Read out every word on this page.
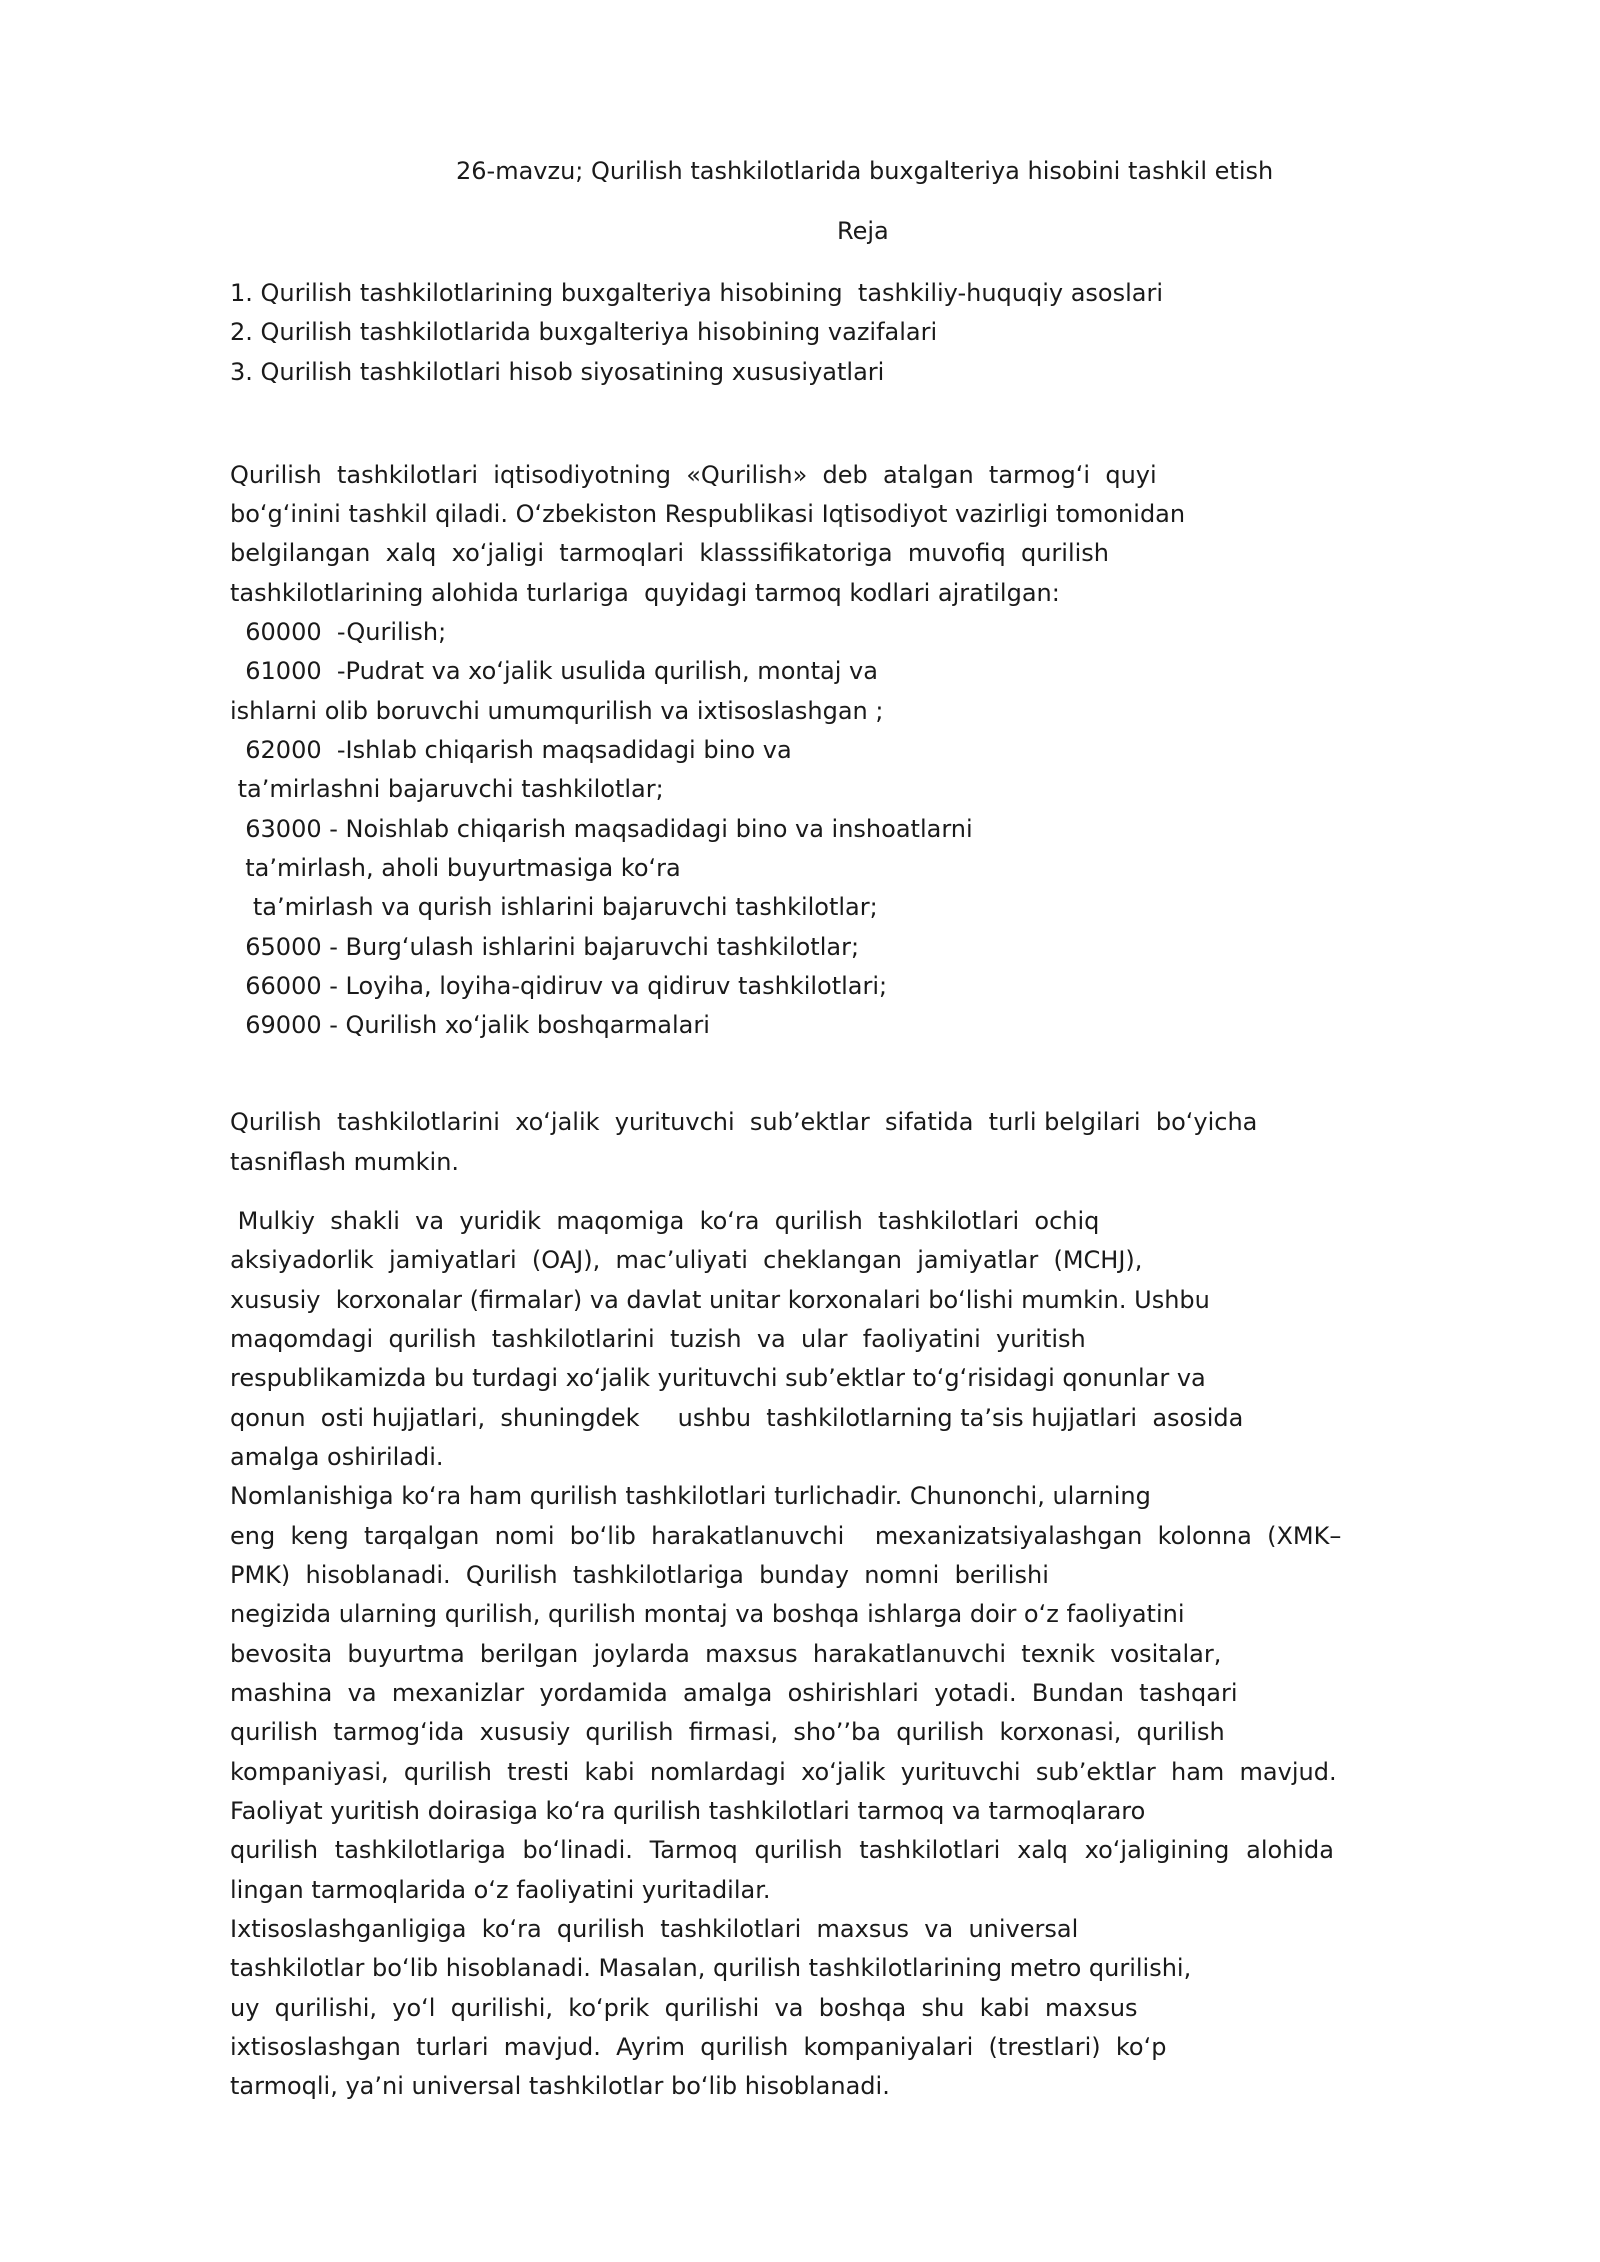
26-mavzu; Qurilish tashkilotlarida buxgalteriya hisobini tashkil etish
Reja
1. Qurilish tashkilotlarining buxgalteriya hisobining  tashkiliy-huquqiy asoslari
2. Qurilish tashkilotlarida buxgalteriya hisobining vazifalari
3. Qurilish tashkilotlari hisob siyosatining xususiyatlari
Qurilish  tashkilotlari  iqtisodiyotning  «Qurilish»  deb  atalgan  tarmogʻi  quyi
boʻgʻinini tashkil qiladi. Oʻzbekiston Respublikasi Iqtisodiyot vazirligi tomonidan
belgilangan  xalq  xoʻjaligi  tarmoqlari  klasssifikatoriga  muvofiq  qurilish
tashkilotlarining alohida turlariga  quyidagi tarmoq kodlari ajratilgan:
60000  -Qurilish;
61000  -Pudrat va xoʻjalik usulida qurilish, montaj va
ishlarni olib boruvchi umumqurilish va ixtisoslashgan ;
62000  -Ishlab chiqarish maqsadidagi bino va
taʼmirlashni bajaruvchi tashkilotlar;
63000 - Noishlab chiqarish maqsadidagi bino va inshoatlarni
taʼmirlash, aholi buyurtmasiga koʻra
taʼmirlash va qurish ishlarini bajaruvchi tashkilotlar;
65000 - Burgʻulash ishlarini bajaruvchi tashkilotlar;
66000 - Loyiha, loyiha-qidiruv va qidiruv tashkilotlari;
69000 - Qurilish xoʻjalik boshqarmalari
Qurilish  tashkilotlarini  xoʻjalik  yurituvchi  subʼektlar  sifatida  turli belgilari  boʻyicha
tasniflash mumkin.
Mulkiy  shakli  va  yuridik  maqomiga  koʻra  qurilish  tashkilotlari  ochiq
aksiyadorlik  jamiyatlari  (OAJ),  macʼuliyati  cheklangan  jamiyatlar  (MCHJ),
xususiy  korxonalar (firmalar) va davlat unitar korxonalari boʻlishi mumkin. Ushbu
maqomdagi  qurilish  tashkilotlarini  tuzish  va  ular  faoliyatini  yuritish
respublikamizda bu turdagi xoʻjalik yurituvchi subʼektlar toʻgʻrisidagi qonunlar va
qonun  osti hujjatlari,  shuningdek     ushbu  tashkilotlarning taʼsis hujjatlari  asosida
amalga oshiriladi.
Nomlanishiga koʻra ham qurilish tashkilotlari turlichadir. Chunonchi, ularning
eng  keng  tarqalgan  nomi  boʻlib  harakatlanuvchi    mexanizatsiyalashgan  kolonna  (XMK–
PMK)  hisoblanadi.  Qurilish  tashkilotlariga  bunday  nomni  berilishi
negizida ularning qurilish, qurilish montaj va boshqa ishlarga doir oʻz faoliyatini
bevosita  buyurtma  berilgan  joylarda  maxsus  harakatlanuvchi  texnik  vositalar,
mashina  va  mexanizlar  yordamida  amalga  oshirishlari  yotadi.  Bundan  tashqari
qurilish  tarmogʻida  xususiy  qurilish  firmasi,  shoʼʼba  qurilish  korxonasi,  qurilish
kompaniyasi,  qurilish  tresti  kabi  nomlardagi  xoʻjalik  yurituvchi  subʼektlar  ham  mavjud.
Faoliyat yuritish doirasiga koʻra qurilish tashkilotlari tarmoq va tarmoqlararo
qurilish  tashkilotlariga  boʻlinadi.  Tarmoq  qurilish  tashkilotlari  xalq  xoʻjaligining  alohida
lingan tarmoqlarida oʻz faoliyatini yuritadilar.
Ixtisoslashganligiga  koʻra  qurilish  tashkilotlari  maxsus  va  universal
tashkilotlar boʻlib hisoblanadi. Masalan, qurilish tashkilotlarining metro qurilishi,
uy  qurilishi,  yoʻl  qurilishi,  koʻprik  qurilishi  va  boshqa  shu  kabi  maxsus
ixtisoslashgan  turlari  mavjud.  Ayrim  qurilish  kompaniyalari  (trestlari)  koʻp
tarmoqli, yaʼni universal tashkilotlar boʻlib hisoblanadi.
